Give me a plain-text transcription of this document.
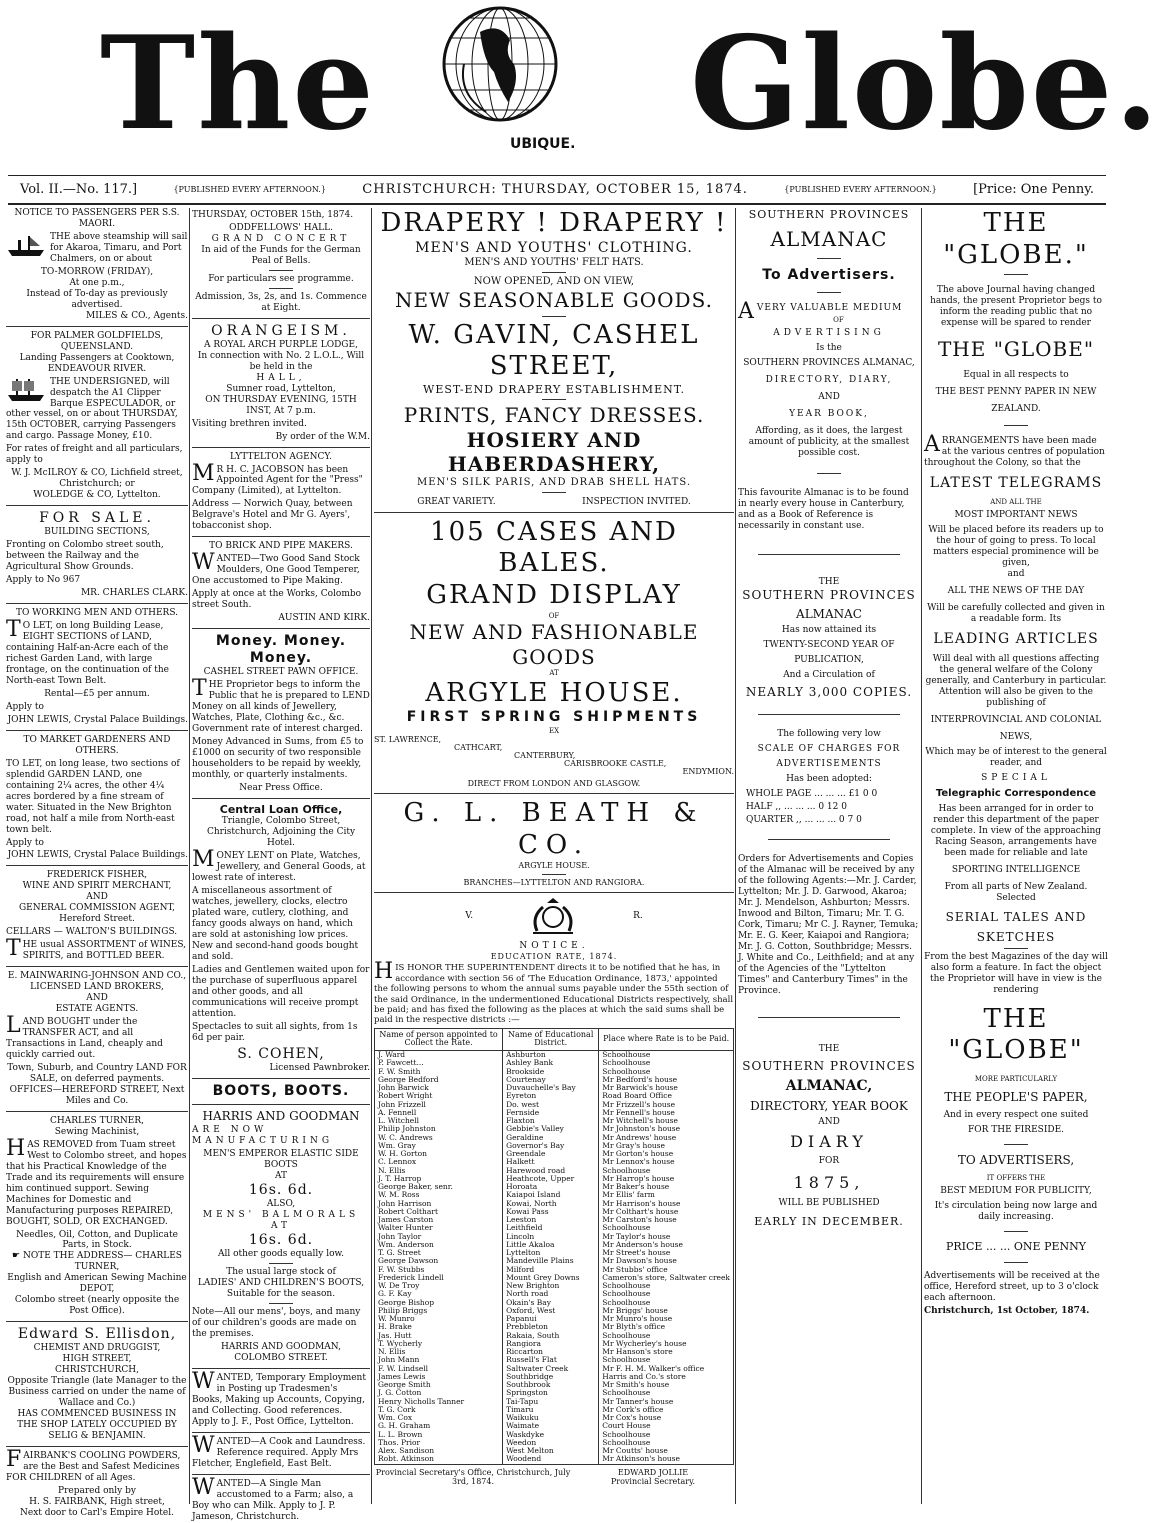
The	UBIQUE. Globe.
Vol. II.—No. 117.]	{PUBLISHED EVERY AFTERNOON.}	CHRISTCHURCH: THURSDAY, OCTOBER 15, 1874.	{PUBLISHED EVERY AFTERNOON.}	[Price: One Penny.
NOTICE TO PASSENGERS PER S.S. MAORI.
THE above steamship will sail for Akaroa, Timaru, and Port Chalmers, on or about
TO-MORROW (FRIDAY),
At one p.m.,
Instead of To-day as previously advertised.
MILES & CO., Agents.
FOR PALMER GOLDFIELDS, QUEENSLAND.
Landing Passengers at Cooktown, ENDEAVOUR RIVER.
THE UNDERSIGNED, will despatch the A1 Clipper Barque ESPECULADOR, or other vessel, on or about THURSDAY, 15th OCTOBER, carrying Passengers and cargo. Passage Money, £10.
For rates of freight and all particulars, apply to
W. J. McILROY & CO, Lichfield street, Christchurch; or
WOLEDGE & CO, Lyttelton.
FOR SALE.
BUILDING SECTIONS,
Fronting on Colombo street south, between the Railway and the Agricultural Show Grounds.
Apply to No 967
MR. CHARLES CLARK.
TO WORKING MEN AND OTHERS.
TO LET, on long Building Lease, EIGHT SECTIONS of LAND, containing Half-an-Acre each of the richest Garden Land, with large frontage, on the continuation of the North-east Town Belt.
Rental—£5 per annum.
Apply to
JOHN LEWIS, Crystal Palace Buildings.
TO MARKET GARDENERS AND OTHERS.
TO LET, on long lease, two sections of splendid GARDEN LAND, one containing 2¼ acres, the other 4¼ acres bordered by a fine stream of water. Situated in the New Brighton road, not half a mile from North-east town belt.
Apply to
JOHN LEWIS, Crystal Palace Buildings.
FREDERICK FISHER,
WINE AND SPIRIT MERCHANT,
AND
GENERAL COMMISSION AGENT,
Hereford Street.
CELLARS — WALTON'S BUILDINGS.
THE usual ASSORTMENT of WINES, SPIRITS, and BOTTLED BEER.
E. MAINWARING-JOHNSON AND CO.,
LICENSED LAND BROKERS,
AND
ESTATE AGENTS.
LAND BOUGHT under the TRANSFER ACT, and all Transactions in Land, cheaply and quickly carried out.
Town, Suburb, and Country LAND FOR SALE, on deferred payments.
OFFICES—HEREFORD STREET, Next Miles and Co.
CHARLES TURNER,
Sewing Machinist,
HAS REMOVED from Tuam street West to Colombo street, and hopes that his Practical Knowledge of the Trade and its requirements will ensure him continued support. Sewing Machines for Domestic and Manufacturing purposes REPAIRED, BOUGHT, SOLD, OR EXCHANGED.
Needles, Oil, Cotton, and Duplicate Parts, in Stock.
☛ NOTE THE ADDRESS— CHARLES TURNER,
English and American Sewing Machine DEPOT,
Colombo street (nearly opposite the Post Office).
Edward S. Ellisdon,
CHEMIST AND DRUGGIST,
HIGH STREET,
CHRISTCHURCH,
Opposite Triangle (late Manager to the Business carried on under the name of Wallace and Co.)
HAS COMMENCED BUSINESS IN THE SHOP LATELY OCCUPIED BY SELIG & BENJAMIN.
FAIRBANK'S COOLING POWDERS, are the Best and Safest Medicines FOR CHILDREN of all Ages.
Prepared only by
H. S. FAIRBANK, High street,
Next door to Carl's Empire Hotel.
THURSDAY, OCTOBER 15th, 1874.
ODDFELLOWS' HALL.
GRAND CONCERT
In aid of the Funds for the German Peal of Bells.
For particulars see programme.
Admission, 3s, 2s, and 1s. Commence at Eight.
ORANGEISM.
A ROYAL ARCH PURPLE LODGE,
In connection with No. 2 L.O.L., Will be held in the
HALL,
Sumner road, Lyttelton,
ON THURSDAY EVENING, 15TH INST, At 7 p.m.
Visiting brethren invited.
By order of the W.M.
LYTTELTON AGENCY.
MR H. C. JACOBSON has been Appointed Agent for the "Press" Company (Limited), at Lyttelton.
Address — Norwich Quay, between Belgrave's Hotel and Mr G. Ayers', tobacconist shop.
TO BRICK AND PIPE MAKERS.
WANTED—Two Good Sand Stock Moulders, One Good Temperer, One accustomed to Pipe Making.
Apply at once at the Works, Colombo street South.
AUSTIN AND KIRK.
Money. Money. Money.
CASHEL STREET PAWN OFFICE.
THE Proprietor begs to inform the Public that he is prepared to LEND Money on all kinds of Jewellery, Watches, Plate, Clothing &c., &c. Government rate of interest charged.
Money Advanced in Sums, from £5 to £1000 on security of two responsible householders to be repaid by weekly, monthly, or quarterly instalments.
Near Press Office.
Central Loan Office,
Triangle, Colombo Street, Christchurch, Adjoining the City Hotel.
MONEY LENT on Plate, Watches, Jewellery, and General Goods, at lowest rate of interest.
A miscellaneous assortment of watches, jewellery, clocks, electro plated ware, cutlery, clothing, and fancy goods always on hand, which are sold at astonishing low prices. New and second-hand goods bought and sold.
Ladies and Gentlemen waited upon for the purchase of superfluous apparel and other goods, and all communications will receive prompt attention.
Spectacles to suit all sights, from 1s 6d per pair.
S. COHEN,
Licensed Pawnbroker.
BOOTS, BOOTS.
HARRIS AND GOODMAN
ARE NOW MANUFACTURING
MEN'S EMPEROR ELASTIC SIDE BOOTS
AT
16s. 6d.
ALSO,
MENS' BALMORALS AT
16s. 6d.
All other goods equally low.
The usual large stock of
LADIES' AND CHILDREN'S BOOTS,
Suitable for the season.
Note—All our mens', boys, and many of our children's goods are made on the premises.
HARRIS AND GOODMAN,
COLOMBO STREET.
WANTED, Temporary Employment in Posting up Tradesmen's Books, Making up Accounts, Copying, and Collecting. Good references. Apply to J. F., Post Office, Lyttelton.
WANTED—A Cook and Laundress. Reference required. Apply Mrs Fletcher, Englefield, East Belt.
WANTED—A Single Man accustomed to a Farm; also, a Boy who can Milk. Apply to J. P. Jameson, Christchurch.
DRAPERY ! DRAPERY !
MEN'S AND YOUTHS' CLOTHING.
MEN'S AND YOUTHS' FELT HATS.
NOW OPENED, AND ON VIEW,
NEW SEASONABLE GOODS.
W. GAVIN, CASHEL STREET,
WEST-END DRAPERY ESTABLISHMENT.
PRINTS, FANCY DRESSES.
HOSIERY AND HABERDASHERY,
MEN'S SILK PARIS, AND DRAB SHELL HATS.
GREAT VARIETY.	INSPECTION INVITED.
105 CASES AND BALES.
GRAND DISPLAY
OF
NEW AND FASHIONABLE GOODS
AT
ARGYLE HOUSE.
FIRST SPRING SHIPMENTS
EX
ST. LAWRENCE,
CATHCART,
CANTERBURY,
CARISBROOKE CASTLE,
ENDYMION.
DIRECT FROM LONDON AND GLASGOW.
G. L. BEATH & CO.
ARGYLE HOUSE.
BRANCHES—LYTTELTON AND RANGIORA.
V.	R.
NOTICE.
EDUCATION RATE, 1874.
HIS HONOR THE SUPERINTENDENT directs it to be notified that he has, in accordance with section 56 of 'The Education Ordinance, 1873,' appointed the following persons to whom the annual sums payable under the 55th section of the said Ordinance, in the undermentioned Educational Districts respectively, shall be paid; and has fixed the following as the places at which the said sums shall be paid in the respective districts :—
Name of person appointed to Collect the Rate.	Name of Educational District.	Place where Rate is to be Paid.
J. Ward	Ashburton	Schoolhouse
P. Fawcett...	Ashley Bank	Schoolhouse
F. W. Smith	Brookside	Schoolhouse
George Bedford	Courtenay	Mr Bedford's house
John Barwick	Duvauchelle's Bay	Mr Barwick's house
Robert Wright	Eyreton	Road Board Office
John Frizzell	Do. west	Mr Frizzell's house
A. Fennell	Fernside	Mr Fennell's house
L. Witchell	Flaxton	Mr Witchell's house
Philip Johnston	Gebbie's Valley	Mr Johnston's house
W. C. Andrews	Geraldine	Mr Andrews' house
Wm. Gray	Governor's Bay	Mr Gray's house
W. H. Gorton	Greendale	Mr Gorton's house
C. Lennox	Halkett	Mr Lennox's house
N. Ellis	Harewood road	Schoolhouse
J. T. Harrop	Heathcote, Upper	Mr Harrop's house
George Baker, senr.	Horoata	Mr Baker's house
W. M. Ross	Kaiapoi Island	Mr Ellis' farm
John Harrison	Kowai, North	Mr Harrison's house
Robert Colthart	Kowai Pass	Mr Colthart's house
James Carston	Leeston	Mr Carston's house
Walter Hunter	Leithfield	Schoolhouse
John Taylor	Lincoln	Mr Taylor's house
Wm. Anderson	Little Akaloa	Mr Anderson's house
T. G. Street	Lyttelton	Mr Street's house
George Dawson	Mandeville Plains	Mr Dawson's house
F. W. Stubbs	Milford	Mr Stubbs' office
Frederick Lindell	Mount Grey Downs	Cameron's store, Saltwater creek
W. De Troy	New Brighton	Schoolhouse
G. F. Kay	North road	Schoolhouse
George Bishop	Okain's Bay	Schoolhouse
Philip Briggs	Oxford, West	Mr Briggs' house
W. Munro	Papanui	Mr Munro's house
H. Brake	Prebbleton	Mr Blyth's office
Jas. Hutt	Rakaia, South	Schoolhouse
T. Wycherly	Rangiora	Mr Wycherley's house
N. Ellis	Riccarton	Mr Hanson's store
John Mann	Russell's Flat	Schoolhouse
F. W. Lindsell	Saltwater Creek	Mr F. H. M. Walker's office
James Lewis	Southbridge	Harris and Co.'s store
George Smith	Southbrook	Mr Smith's house
J. G. Cotton	Springston	Schoolhouse
Henry Nicholls Tanner	Tai-Tapu	Mr Tanner's house
T. G. Cork	Timaru	Mr Cork's office
Wm. Cox	Waikuku	Mr Cox's house
G. H. Graham	Waimate	Court House
L. L. Brown	Waskdyke	Schoolhouse
Thos. Prior	Weedon	Schoolhouse
Alex. Sandison	West Melton	Mr Coutts' house
Robt. Atkinson	Woodend	Mr Atkinson's house
Provincial Secretary's Office, Christchurch, July 3rd, 1874.
EDWARD JOLLIE
Provincial Secretary.
SOUTHERN PROVINCES
ALMANAC
To Advertisers.
AVERY VALUABLE MEDIUM
OF
ADVERTISING
Is the
SOUTHERN PROVINCES ALMANAC,
DIRECTORY, DIARY,
AND
YEAR BOOK,
Affording, as it does, the largest amount of publicity, at the smallest possible cost.
This favourite Almanac is to be found in nearly every house in Canterbury, and as a Book of Reference is necessarily in constant use.
THE
SOUTHERN PROVINCES
ALMANAC
Has now attained its
TWENTY-SECOND YEAR OF
PUBLICATION,
And a Circulation of
NEARLY 3,000 COPIES.
The following very low
SCALE OF CHARGES FOR
ADVERTISEMENTS
Has been adopted:
WHOLE PAGE ... ... ... £1 0 0
HALF ,, ... ... ... 0 12 0
QUARTER ,, ... ... ... 0 7 0
Orders for Advertisements and Copies of the Almanac will be received by any of the following Agents:—Mr. J. Carder, Lyttelton; Mr. J. D. Garwood, Akaroa; Mr. J. Mendelson, Ashburton; Messrs. Inwood and Bilton, Timaru; Mr. T. G. Cork, Timaru; Mr C. J. Rayner, Temuka; Mr. E. G. Keer, Kaiapoi and Rangiora; Mr. J. G. Cotton, Southbridge; Messrs. J. White and Co., Leithfield; and at any of the Agencies of the "Lyttelton Times" and Canterbury Times" in the Province.
THE
SOUTHERN PROVINCES
ALMANAC,
DIRECTORY, YEAR BOOK
AND
DIARY
FOR
1875,
WILL BE PUBLISHED
EARLY IN DECEMBER.
THE "GLOBE."
The above Journal having changed hands, the present Proprietor begs to inform the reading public that no expense will be spared to render
THE "GLOBE"
Equal in all respects to
THE BEST PENNY PAPER IN NEW
ZEALAND.
ARRANGEMENTS have been made at the various centres of population throughout the Colony, so that the
LATEST TELEGRAMS
AND ALL THE
MOST IMPORTANT NEWS
Will be placed before its readers up to the hour of going to press. To local matters especial prominence will be given,
and
ALL THE NEWS OF THE DAY
Will be carefully collected and given in a readable form. Its
LEADING ARTICLES
Will deal with all questions affecting the general welfare of the Colony generally, and Canterbury in particular. Attention will also be given to the publishing of
INTERPROVINCIAL AND COLONIAL
NEWS,
Which may be of interest to the general reader, and
SPECIAL
Telegraphic Correspondence
Has been arranged for in order to render this department of the paper complete. In view of the approaching Racing Season, arrangements have been made for reliable and late
SPORTING INTELLIGENCE
From all parts of New Zealand. Selected
SERIAL TALES AND
SKETCHES
From the best Magazines of the day will also form a feature. In fact the object the Proprietor will have in view is the rendering
THE "GLOBE"
MORE PARTICULARLY
THE PEOPLE'S PAPER,
And in every respect one suited
FOR THE FIRESIDE.
TO ADVERTISERS,
IT OFFERS THE
BEST MEDIUM FOR PUBLICITY,
It's circulation being now large and daily increasing.
PRICE ... ... ONE PENNY
Advertisements will be received at the office, Hereford street, up to 3 o'clock each afternoon.
Christchurch, 1st October, 1874.
